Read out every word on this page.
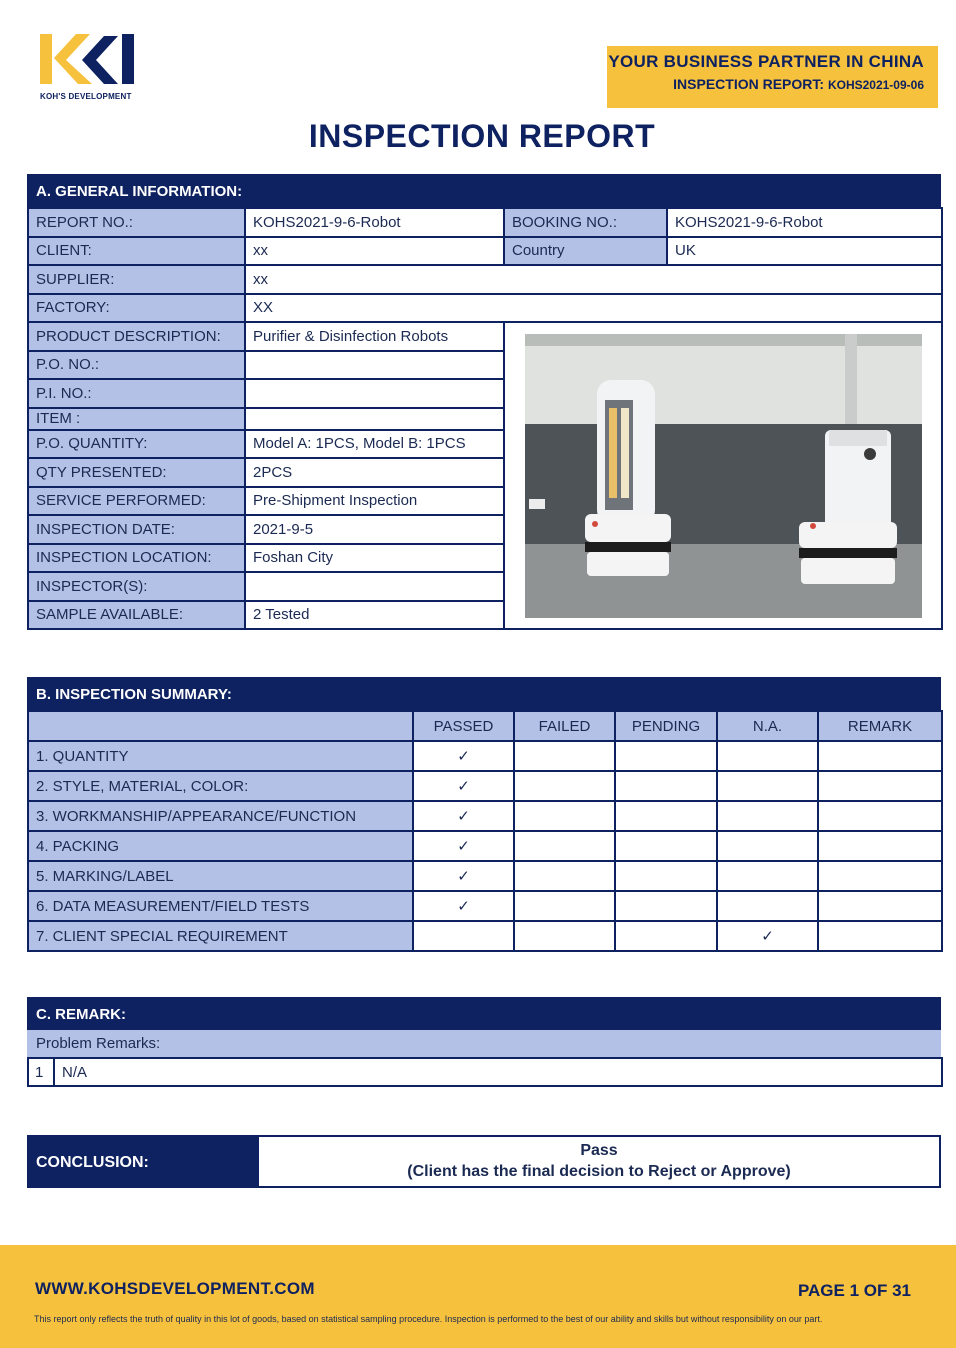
KOH'S DEVELOPMENT
YOUR BUSINESS PARTNER IN CHINA
INSPECTION REPORT: KOHS2021-09-06
INSPECTION REPORT
A. GENERAL INFORMATION:
REPORT NO.:	KOHS2021-9-6-Robot	BOOKING NO.:	KOHS2021-9-6-Robot
CLIENT:	xx	Country	UK
SUPPLIER:	xx		
FACTORY:	XX		
PRODUCT DESCRIPTION:	Purifier & Disinfection Robots	

P.O. NO.:			
P.I. NO.:			
ITEM :			
P.O. QUANTITY:	Model A: 1PCS, Model B: 1PCS		
QTY PRESENTED:	2PCS		
SERVICE PERFORMED:	Pre-Shipment Inspection		
INSPECTION DATE:	2021-9-5		
INSPECTION LOCATION:	Foshan City		
INSPECTOR(S):			
SAMPLE AVAILABLE:	2 Tested		
B. INSPECTION SUMMARY:
	PASSED	FAILED	PENDING	N.A.	REMARK
1. QUANTITY	✓				
2. STYLE, MATERIAL, COLOR:	✓				
3. WORKMANSHIP/APPEARANCE/FUNCTION	✓				
4. PACKING	✓				
5. MARKING/LABEL	✓				
6. DATA MEASUREMENT/FIELD TESTS	✓				
7. CLIENT SPECIAL REQUIREMENT				✓	
C. REMARK:
Problem Remarks:
1	N/A
CONCLUSION:
Pass
(Client has the final decision to Reject or Approve)
WWW.KOHSDEVELOPMENT.COM	PAGE 1 OF 31
This report only reflects the truth of quality in this lot of goods, based on statistical sampling procedure. Inspection is performed to the best of our ability and skills but without responsibility on our part.
